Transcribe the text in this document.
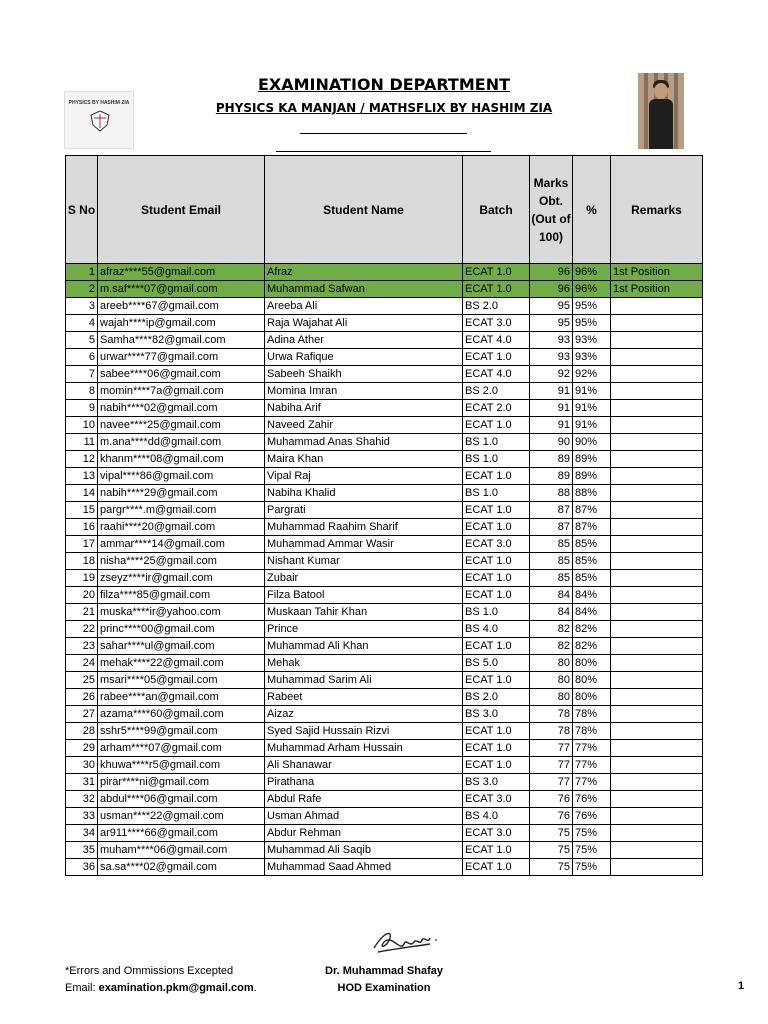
PHYSICS BY HASHIM ZIA
EXAMINATION DEPARTMENT
PHYSICS KA MANJAN / MATHSFLIX BY HASHIM ZIA
S No	Student Email	Student Name	Batch	Marks Obt. (Out of 100)	%	Remarks
1	afraz****55@gmail.com	Afraz	ECAT 1.0	96	96%	1st Position
2	m.saf****07@gmail.com	Muhammad Safwan	ECAT 1.0	96	96%	1st Position
3	areeb****67@gmail.com	Areeba Ali	BS 2.0	95	95%	
4	wajah****ip@gmail.com	Raja Wajahat Ali	ECAT 3.0	95	95%	
5	Samha****82@gmail.com	Adina Ather	ECAT 4.0	93	93%	
6	urwar****77@gmail.com	Urwa Rafique	ECAT 1.0	93	93%	
7	sabee****06@gmail.com	Sabeeh Shaikh	ECAT 4.0	92	92%	
8	momin****7a@gmail.com	Momina Imran	BS 2.0	91	91%	
9	nabih****02@gmail.com	Nabiha Arif	ECAT 2.0	91	91%	
10	navee****25@gmail.com	Naveed Zahir	ECAT 1.0	91	91%	
11	m.ana****dd@gmail.com	Muhammad Anas Shahid	BS 1.0	90	90%	
12	khanm****08@gmail.com	Maira Khan	BS 1.0	89	89%	
13	vipal****86@gmail.com	Vipal Raj	ECAT 1.0	89	89%	
14	nabih****29@gmail.com	Nabiha Khalid	BS 1.0	88	88%	
15	pargr****.m@gmail.com	Pargrati	ECAT 1.0	87	87%	
16	raahi****20@gmail.com	Muhammad Raahim Sharif	ECAT 1.0	87	87%	
17	ammar****14@gmail.com	Muhammad Ammar Wasir	ECAT 3.0	85	85%	
18	nisha****25@gmail.com	Nishant Kumar	ECAT 1.0	85	85%	
19	zseyz****ir@gmail.com	Zubair	ECAT 1.0	85	85%	
20	filza****85@gmail.com	Filza Batool	ECAT 1.0	84	84%	
21	muska****ir@yahoo.com	Muskaan Tahir Khan	BS 1.0	84	84%	
22	princ****00@gmail.com	Prince	BS 4.0	82	82%	
23	sahar****ul@gmail.com	Muhammad Ali Khan	ECAT 1.0	82	82%	
24	mehak****22@gmail.com	Mehak	BS 5.0	80	80%	
25	msari****05@gmail.com	Muhammad Sarim Ali	ECAT 1.0	80	80%	
26	rabee****an@gmail.com	Rabeet	BS 2.0	80	80%	
27	azama****60@gmail.com	Aizaz	BS 3.0	78	78%	
28	sshr5****99@gmail.com	Syed Sajid Hussain Rizvi	ECAT 1.0	78	78%	
29	arham****07@gmail.com	Muhammad Arham Hussain	ECAT 1.0	77	77%	
30	khuwa****r5@gmail.com	Ali Shanawar	ECAT 1.0	77	77%	
31	pirar****ni@gmail.com	Pirathana	BS 3.0	77	77%	
32	abdul****06@gmail.com	Abdul Rafe	ECAT 3.0	76	76%	
33	usman****22@gmail.com	Usman Ahmad	BS 4.0	76	76%	
34	ar911****66@gmail.com	Abdur Rehman	ECAT 3.0	75	75%	
35	muham****06@gmail.com	Muhammad Ali Saqib	ECAT 1.0	75	75%	
36	sa.sa****02@gmail.com	Muhammad Saad Ahmed	ECAT 1.0	75	75%	
*Errors and Ommissions Excepted
Email: examination.pkm@gmail.com.
Dr. Muhammad Shafay
HOD Examination	1
